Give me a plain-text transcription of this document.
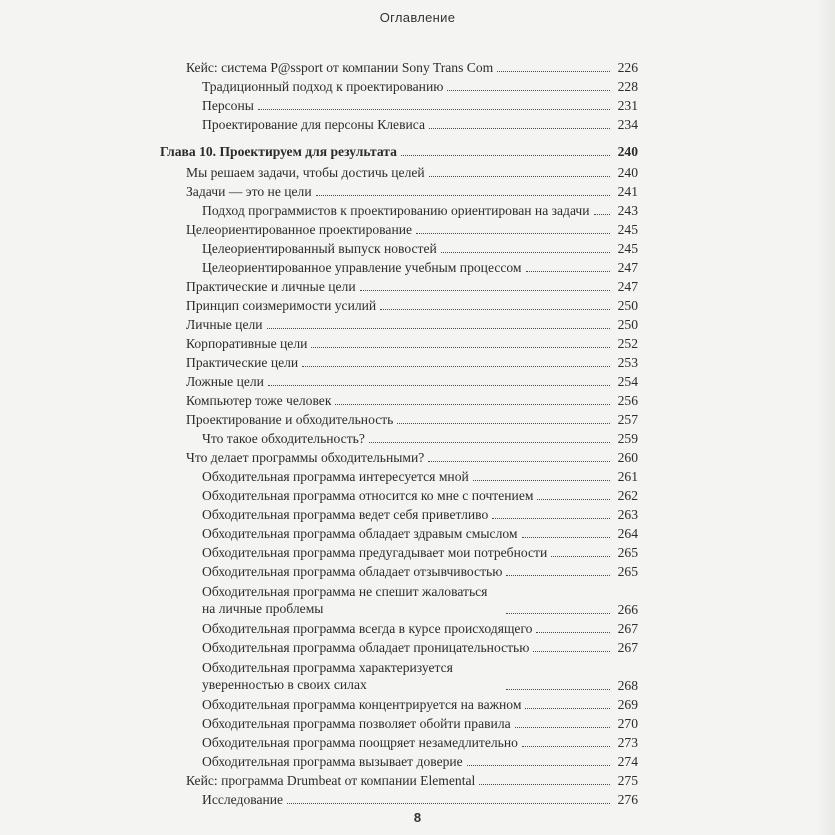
Оглавление
Кейс: система P@ssport от компании Sony Trans Com	226
Традиционный подход к проектированию	228
Персоны	231
Проектирование для персоны Клевиса	234
Глава 10. Проектируем для результата	240
Мы решаем задачи, чтобы достичь целей	240
Задачи — это не цели	241
Подход программистов к проектированию ориентирован на задачи 243
Целеориентированное проектирование	245
Целеориентированный выпуск новостей	245
Целеориентированное управление учебным процессом	247
Практические и личные цели	247
Принцип соизмеримости усилий	250
Личные цели	250
Корпоративные цели	252
Практические цели	253
Ложные цели	254
Компьютер тоже человек	256
Проектирование и обходительность	257
Что такое обходительность?	259
Что делает программы обходительными?	260
Обходительная программа интересуется мной	261
Обходительная программа относится ко мне с почтением	262
Обходительная программа ведет себя приветливо	263
Обходительная программа обладает здравым смыслом	264
Обходительная программа предугадывает мои потребности	265
Обходительная программа обладает отзывчивостью	265
Обходительная программа не спешит жаловаться на личные проблемы	266
Обходительная программа всегда в курсе происходящего	267
Обходительная программа обладает проницательностью	267
Обходительная программа характеризуется уверенностью в своих силах	268
Обходительная программа концентрируется на важном	269
Обходительная программа позволяет обойти правила	270
Обходительная программа поощряет незамедлительно	273
Обходительная программа вызывает доверие	274
Кейс: программа Drumbeat от компании Elemental	275
Исследование	276
8
